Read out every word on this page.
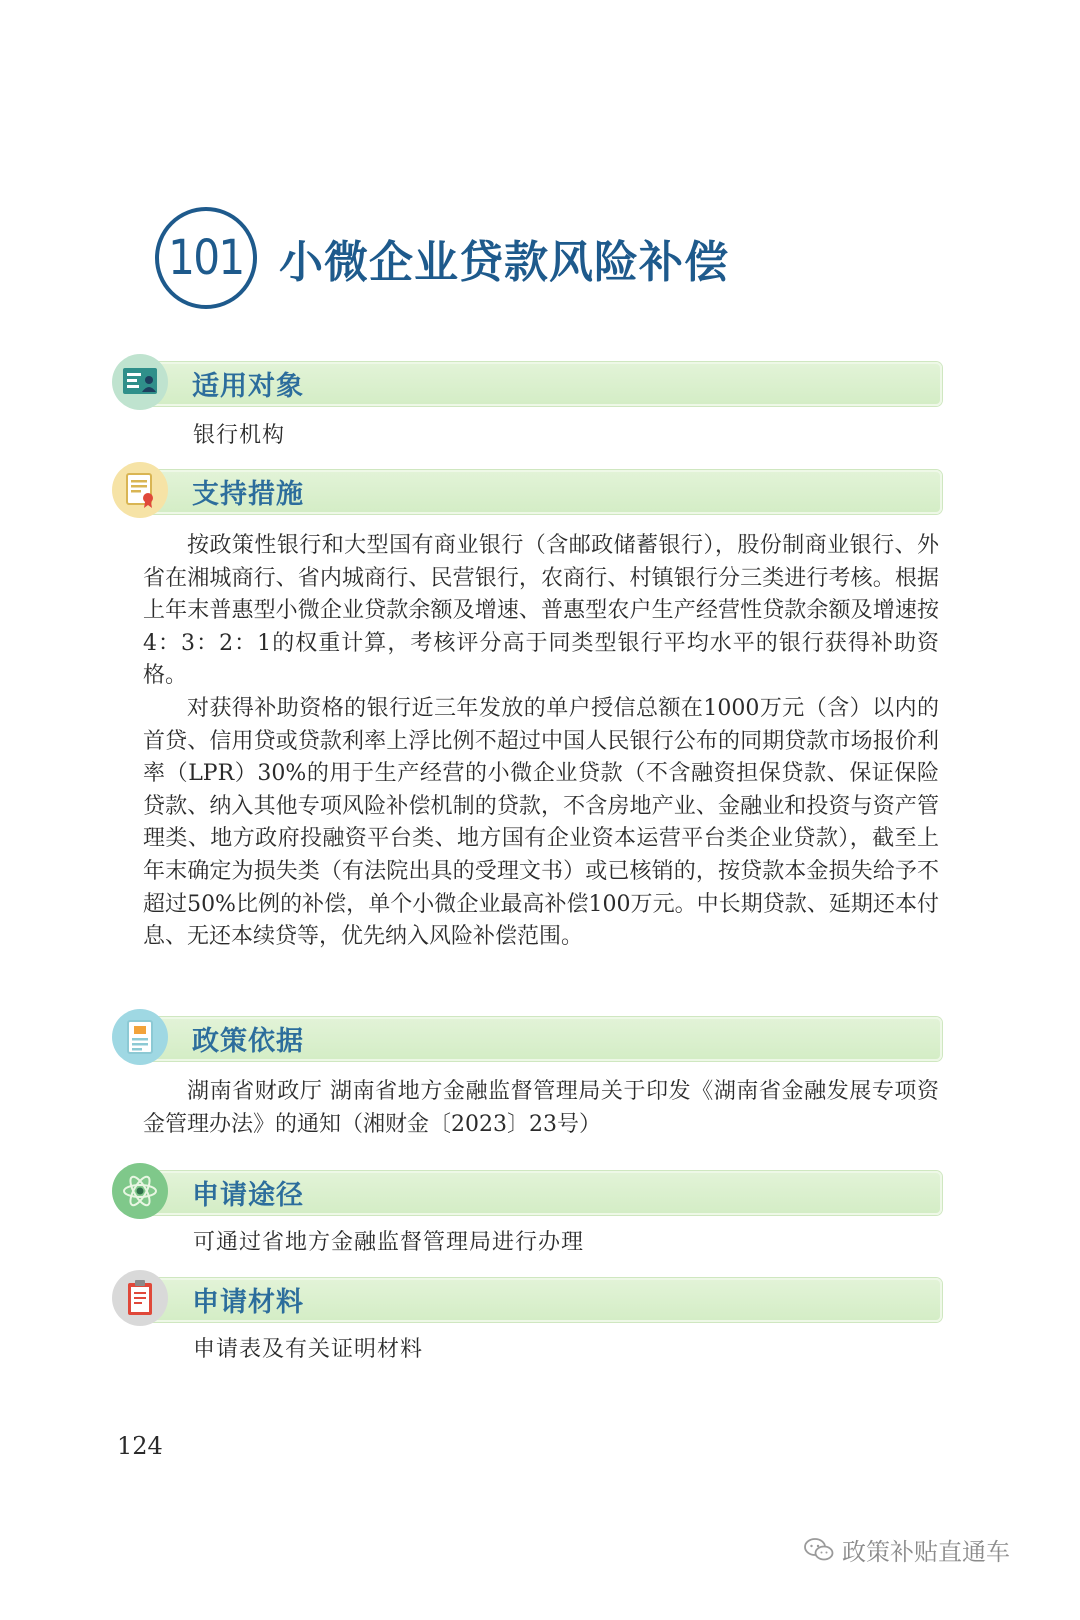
101 小微企业贷款风险补偿
适用对象
银行机构
支持措施

按政策性银行和大型国有商业银行（含邮政储蓄银行），股份制商业银行、外省在湘城商行、省内城商行、民营银行，农商行、村镇银行分三类进行考核。根据上年末普惠型小微企业贷款余额及增速、普惠型农户生产经营性贷款余额及增速按4：3：2：1的权重计算，考核评分高于同类型银行平均水平的银行获得补助资格。

对获得补助资格的银行近三年发放的单户授信总额在1000万元（含）以内的首贷、信用贷或贷款利率上浮比例不超过中国人民银行公布的同期贷款市场报价利率（LPR）30%的用于生产经营的小微企业贷款（不含融资担保贷款、保证保险贷款、纳入其他专项风险补偿机制的贷款，不含房地产业、金融业和投资与资产管理类、地方政府投融资平台类、地方国有企业资本运营平台类企业贷款），截至上年末确定为损失类（有法院出具的受理文书）或已核销的，按贷款本金损失给予不超过50%比例的补偿，单个小微企业最高补偿100万元。中长期贷款、延期还本付息、无还本续贷等，优先纳入风险补偿范围。

政策依据

湖南省财政厅 湖南省地方金融监督管理局关于印发《湖南省金融发展专项资金管理办法》的通知（湘财金〔2023〕23号）

申请途径
可通过省地方金融监督管理局进行办理
申请材料
申请表及有关证明材料
124
政策补贴直通车
